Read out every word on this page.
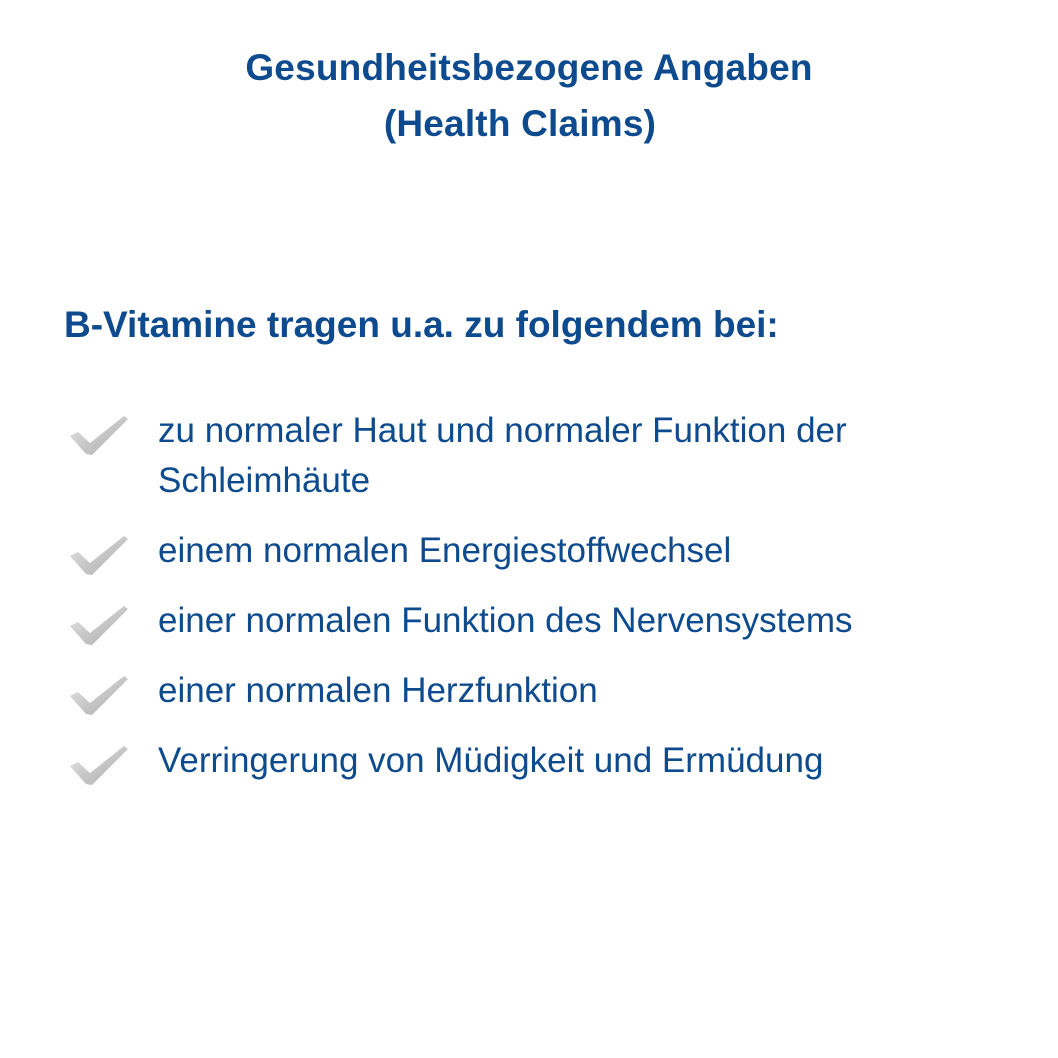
Gesundheitsbezogene Angaben
(Health Claims)
B-Vitamine tragen u.a. zu folgendem bei:
zu normaler Haut und normaler Funktion der Schleimhäute
einem normalen Energiestoffwechsel
einer normalen Funktion des Nervensystems
einer normalen Herzfunktion
Verringerung von Müdigkeit und Ermüdung
